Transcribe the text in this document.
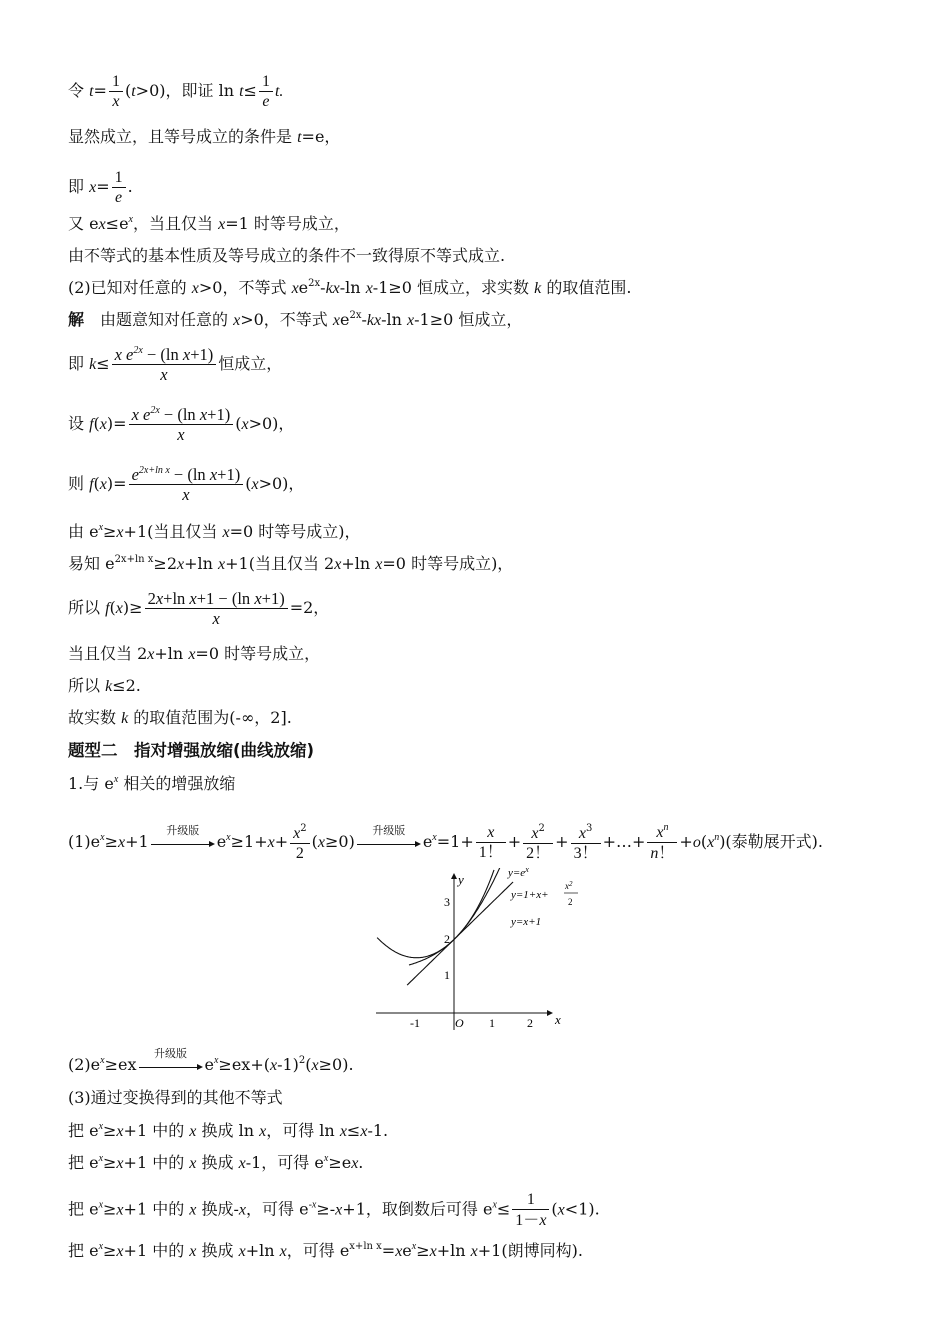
令 $t= \frac{1}{x} (t>0)$，即证 $\ln t\le \frac{1}{e} t$.
显然成立，且等号成立的条件是 t=e，
即 $x= \frac{1}{e}$ .
又 $ex\le e^x$，当且仅当 x=1 时等号成立，
由不等式的基本性质及等号成立的条件不一致得原不等式成立.
(2)已知对任意的 x>0，不等式 $xe^{2x}-kx-\ln$ x-1≥0 恒成立，求实数 k 的取值范围.
解　由题意知对任意的 x>0，不等式 $xe^{2x}-kx-\ln$ x-1≥0 恒成立，
即 $k\le \frac{x e^{2x} - (\ln x+1)}{x}$ 恒成立，
设 $f(x)= \frac{x e^{2x} - (\ln x+1)}{x} (x>0)$，
则 $f(x)= \frac{e^{2x+ln x} - (\ln x+1)}{x} (x>0)$，
由 $e^x\ge x+1$(当且仅当 x=0 时等号成立)，
易知 $e^{2x+ln x}\ge 2x+\ln$ x+1(当且仅当 2x+ln x=0 时等号成立)，
所以 $f(x)\ge \frac{\text{2x+ln x+1 − (ln x+1)}}{x} =2$，
当且仅当 2x+ln x=0 时等号成立，
所以 k≤2.
故实数 k 的取值范围为(-∞，2].
题型二　指对增强放缩(曲线放缩)
1.与 $e^x$ 相关的增强放缩
$(1)e^x\ge x+1$
升级版
$e^x\ge 1+x+ \frac{x^2}{2} (x\ge 0)$
升级版
$e^x=1+ \frac{x}{1!} + \frac{x^2}{2!} + \frac{x^3}{3!}$ +…+ $\frac{x^n}{n!} +o(x^n)$(泰勒展开式).
x
y
O
-1	1	2
1
2
3
$y=e^x$
y=1+x+
$x^2$
2
y=x+1
$(2)e^x\ge ex$
升级版
$e^x\ge ex+(x-1)^2(x\ge 0)$.
(3)通过变换得到的其他不等式
把 $e^x\ge x+1$ 中的 x 换成 ln x，可得 ln x≤x-1.
把 $e^x\ge x+1$ 中的 x 换成 x-1，可得 $e^x\ge ex$.
把 $e^x\ge x+1$ 中的 x 换成-x，可得 $e^{-x}\ge-x+1$，取倒数后可得 $e^x\le \frac{1}{1-x} (x<1)$.
把 $e^x\ge x+1$ 中的 x 换成 x+ln x，可得 $e^{x+ln x}=xe^x\ge x+\ln$ x+1(朗博同构).
